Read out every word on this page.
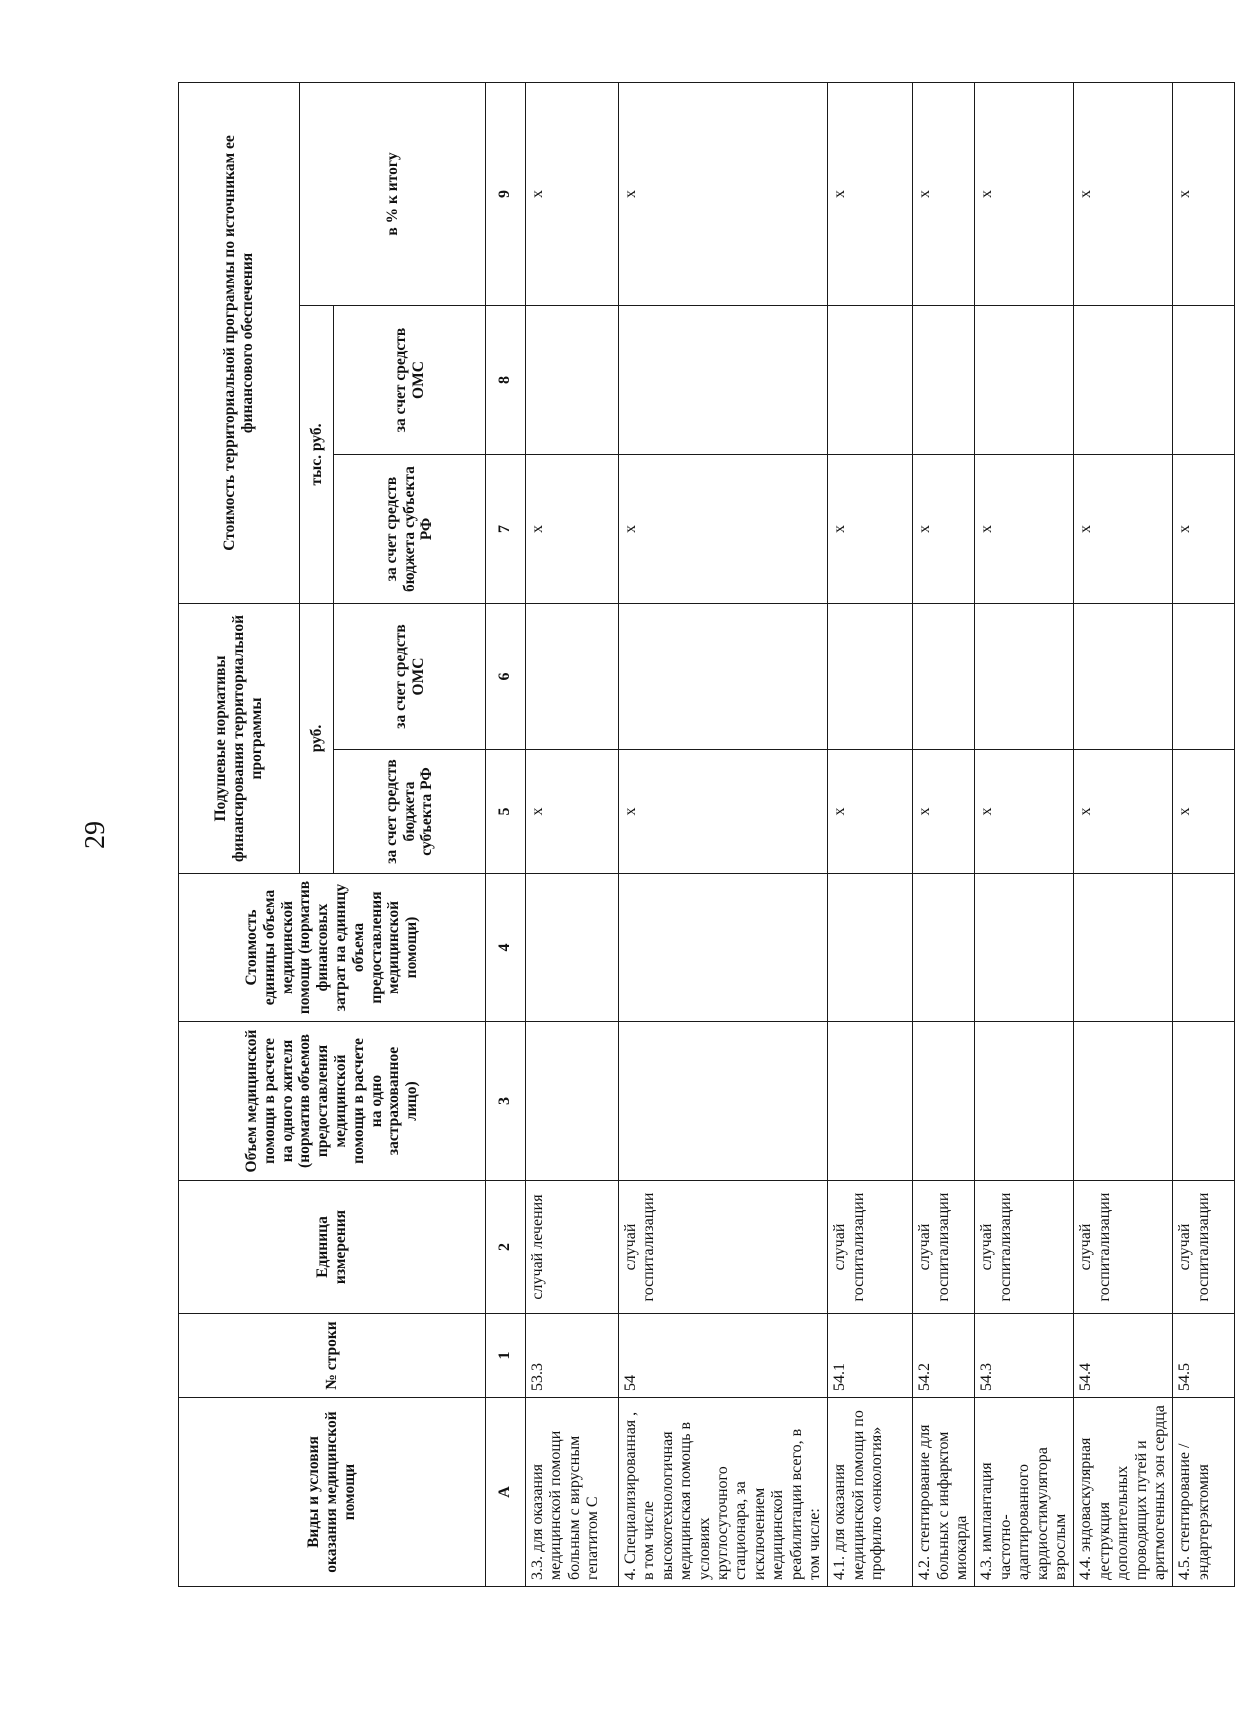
29
Виды и условия оказания медицинской помощи	№ строки	Единица измерения	Объем медицинской помощи в расчете на одного жителя (норматив объемов предоставления медицинской помощи в расчете на одно застрахованное лицо)	Стоимость единицы объема медицинской помощи (норматив финансовых затрат на единицу объема предоставления медицинской помощи)	Подушевые нормативы финансирования территориальной программы		Стоимость территориальной программы по источникам ее финансового обеспечения		
					руб.		тыс. руб.		в % к итогу
					за счет средств бюджета субъекта РФ	за счет средств ОМС	за счет средств бюджета субъекта РФ	за счет средств ОМС	
А	1	2	3	4	5	6	7	8	9
3.3. для оказания медицинской помощи больным с вирусным гепатитом С	53.3	случай лечения			х		х		х
4. Специализированная , в том числе высокотехнологичная медицинская помощь в условиях круглосуточного стационара, за исключением медицинской реабилитации всего, в том числе:	54	случай госпитализации			х		х		х
4.1. для оказания медицинской помощи по профилю «онкология»	54.1	случай госпитализации			х		х		х
4.2. стентирование для больных с инфарктом миокарда	54.2	случай госпитализации			х		х		х
4.3. имплантация частотно-адаптированного кардиостимулятора взрослым	54.3	случай госпитализации			х		х		х
4.4. эндоваскулярная деструкция дополнительных проводящих путей и аритмогенных зон сердца	54.4	случай госпитализации			х		х		х
4.5. стентирование / эндартерэктомия	54.5	случай госпитализации			х		х		х
